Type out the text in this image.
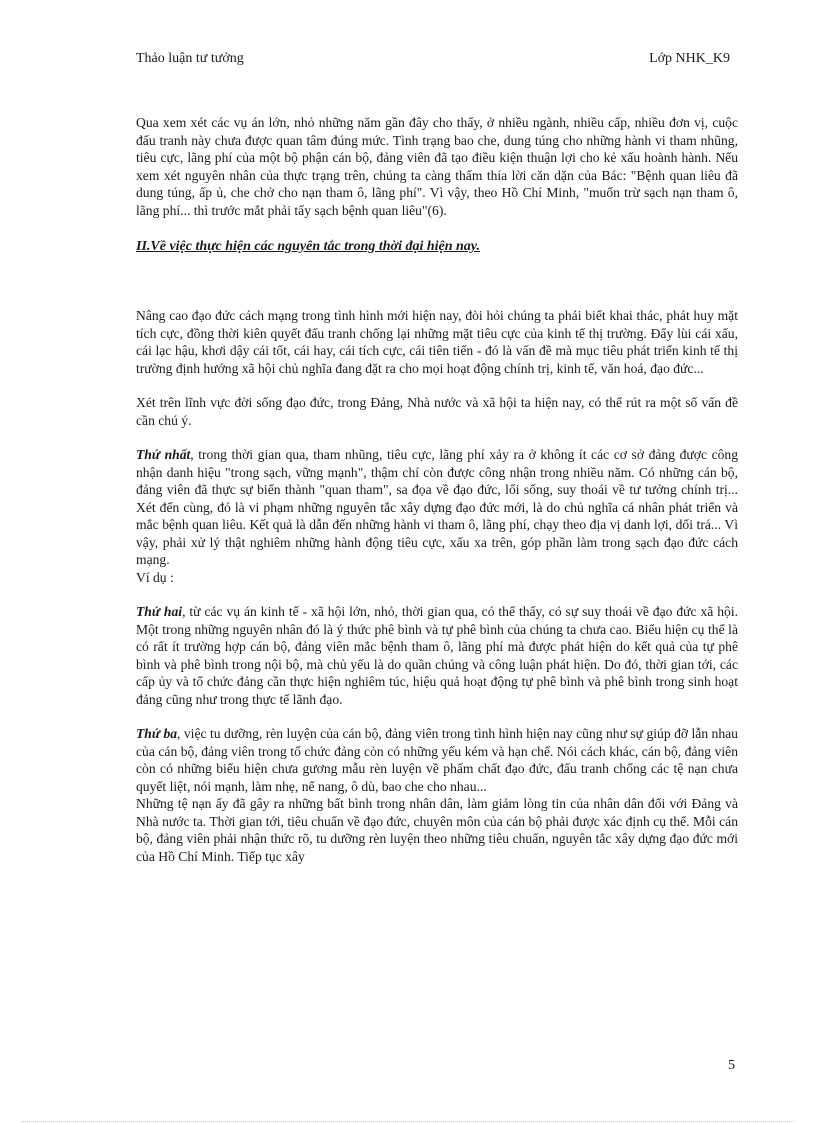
Thảo luận tư tưởng	Lớp NHK_K9

Qua xem xét các vụ án lớn, nhỏ những năm gần đây cho thấy, ở nhiều ngành, nhiều cấp, nhiều đơn vị, cuộc đấu tranh này chưa được quan tâm đúng mức. Tình trạng bao che, dung túng cho những hành vi tham nhũng, tiêu cực, lãng phí của một bộ phận cán bộ, đảng viên đã tạo điều kiện thuận lợi cho kẻ xấu hoành hành. Nếu xem xét nguyên nhân của thực trạng trên, chúng ta càng thấm thía lời căn dặn của Bác: "Bệnh quan liêu đã dung túng, ấp ủ, che chở cho nạn tham ô, lãng phí". Vì vậy, theo Hồ Chí Minh, "muốn trừ sạch nạn tham ô, lãng phí... thì trước mắt phải tẩy sạch bệnh quan liêu"(6).

II.Về việc thực hiện các nguyên tắc trong thời đại hiện nay.

Nâng cao đạo đức cách mạng trong tình hình mới hiện nay, đòi hỏi chúng ta phải biết khai thác, phát huy mặt tích cực, đồng thời kiên quyết đấu tranh chống lại những mặt tiêu cực của kinh tế thị trường. Đẩy lùi cái xấu, cái lạc hậu, khơi dậy cái tốt, cái hay, cái tích cực, cái tiên tiến - đó là vấn đề mà mục tiêu phát triển kinh tế thị trường định hướng xã hội chủ nghĩa đang đặt ra cho mọi hoạt động chính trị, kinh tế, văn hoá, đạo đức...

Xét trên lĩnh vực đời sống đạo đức, trong Đảng, Nhà nước và xã hội ta hiện nay, có thể rút ra một số vấn đề cần chú ý.

Thứ nhất, trong thời gian qua, tham nhũng, tiêu cực, lãng phí xảy ra ở không ít các cơ sở đảng được công nhận danh hiệu "trong sạch, vững mạnh", thậm chí còn được công nhận trong nhiều năm. Có những cán bộ, đảng viên đã thực sự biến thành "quan tham", sa đọa về đạo đức, lối sống, suy thoái về tư tưởng chính trị... Xét đến cùng, đó là vi phạm những nguyên tắc xây dựng đạo đức mới, là do chủ nghĩa cá nhân phát triển và mắc bệnh quan liêu. Kết quả là dẫn đến những hành vi tham ô, lãng phí, chạy theo địa vị danh lợi, dối trá... Vì vậy, phải xử lý thật nghiêm những hành động tiêu cực, xấu xa trên, góp phần làm trong sạch đạo đức cách mạng.

Ví dụ :

Thứ hai, từ các vụ án kinh tế - xã hội lớn, nhỏ, thời gian qua, có thể thấy, có sự suy thoái về đạo đức xã hội. Một trong những nguyên nhân đó là ý thức phê bình và tự phê bình của chúng ta chưa cao. Biểu hiện cụ thể là có rất ít trường hợp cán bộ, đảng viên mắc bệnh tham ô, lãng phí mà được phát hiện do kết quả của tự phê bình và phê bình trong nội bộ, mà chủ yếu là do quần chúng và công luận phát hiện. Do đó, thời gian tới, các cấp ủy và tổ chức đảng cần thực hiện nghiêm túc, hiệu quả hoạt động tự phê bình và phê bình trong sinh hoạt đảng cũng như trong thực tế lãnh đạo.

Thứ ba, việc tu dưỡng, rèn luyện của cán bộ, đảng viên trong tình hình hiện nay cũng như sự giúp đỡ lẫn nhau của cán bộ, đảng viên trong tổ chức đảng còn có những yếu kém và hạn chế. Nói cách khác, cán bộ, đảng viên còn có những biểu hiện chưa gương mẫu rèn luyện về phẩm chất đạo đức, đấu tranh chống các tệ nạn chưa quyết liệt, nói mạnh, làm nhẹ, nể nang, ô dù, bao che cho nhau...

Những tệ nạn ấy đã gây ra những bất bình trong nhân dân, làm giảm lòng tin của nhân dân đối với Đảng và Nhà nước ta. Thời gian tới, tiêu chuẩn về đạo đức, chuyên môn của cán bộ phải được xác định cụ thể. Mỗi cán bộ, đảng viên phải nhận thức rõ, tu dưỡng rèn luyện theo những tiêu chuẩn, nguyên tắc xây dựng đạo đức mới của Hồ Chí Minh. Tiếp tục xây

5
